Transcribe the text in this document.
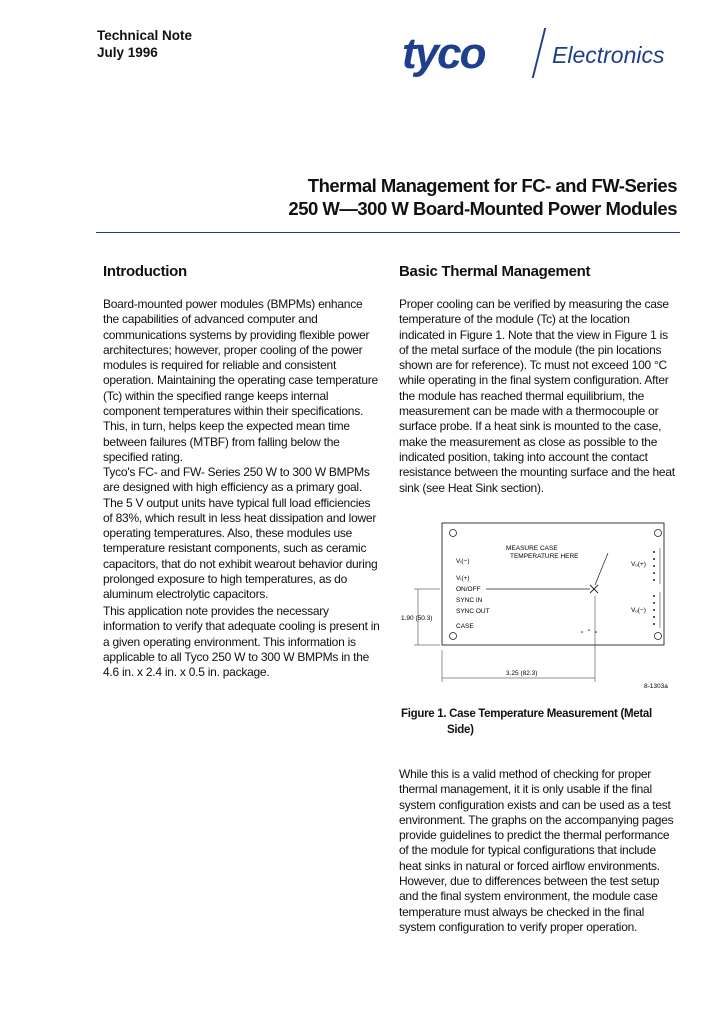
Technical Note
July 1996	tyco	Electronics
Thermal Management for FC- and FW-Series
250 W—300 W Board-Mounted Power Modules
Introduction

Board-mounted power modules (BMPMs) enhance the capabilities of advanced computer and communications systems by providing flexible power architectures; however, proper cooling of the power modules is required for reliable and consistent operation. Maintaining the operating case temperature (Tc) within the specified range keeps internal component temperatures within their specifications. This, in turn, helps keep the expected mean time between failures (MTBF) from falling below the specified rating.

Tyco's FC- and FW- Series 250 W to 300 W BMPMs are designed with high efficiency as a primary goal. The 5 V output units have typical full load efficiencies of 83%, which result in less heat dissipation and lower operating temperatures. Also, these modules use temperature resistant components, such as ceramic capacitors, that do not exhibit wearout behavior during prolonged exposure to high temperatures, as do aluminum electrolytic capacitors.

This application note provides the necessary information to verify that adequate cooling is present in a given operating environment. This information is applicable to all Tyco 250 W to 300 W BMPMs in the 4.6 in. x 2.4 in. x 0.5 in. package.

Basic Thermal Management

Proper cooling can be verified by measuring the case temperature of the module (Tc) at the location indicated in Figure 1. Note that the view in Figure 1 is of the metal surface of the module (the pin locations shown are for reference). Tc must not exceed 100 °C while operating in the final system configuration. After the module has reached thermal equilibrium, the measurement can be made with a thermocouple or surface probe. If a heat sink is mounted to the case, make the measurement as close as possible to the indicated position, taking into account the contact resistance between the mounting surface and the heat sink (see Heat Sink section).

MEASURE CASE
TEMPERATURE HERE
Vᵢ(−)
Vᵢ(+)
ON/OFF
SYNC IN
SYNC OUT
CASE
Vₒ(+)
Vₒ(−)
1.90 (50.3)
3.25 (82.3)
8-1303a
Figure 1. Case Temperature Measurement (Metal
Side)

While this is a valid method of checking for proper thermal management, it it is only usable if the final system configuration exists and can be used as a test environment. The graphs on the accompanying pages provide guidelines to predict the thermal performance of the module for typical configurations that include heat sinks in natural or forced airflow environments. However, due to differences between the test setup and the final system environment, the module case temperature must always be checked in the final system configuration to verify proper operation.
